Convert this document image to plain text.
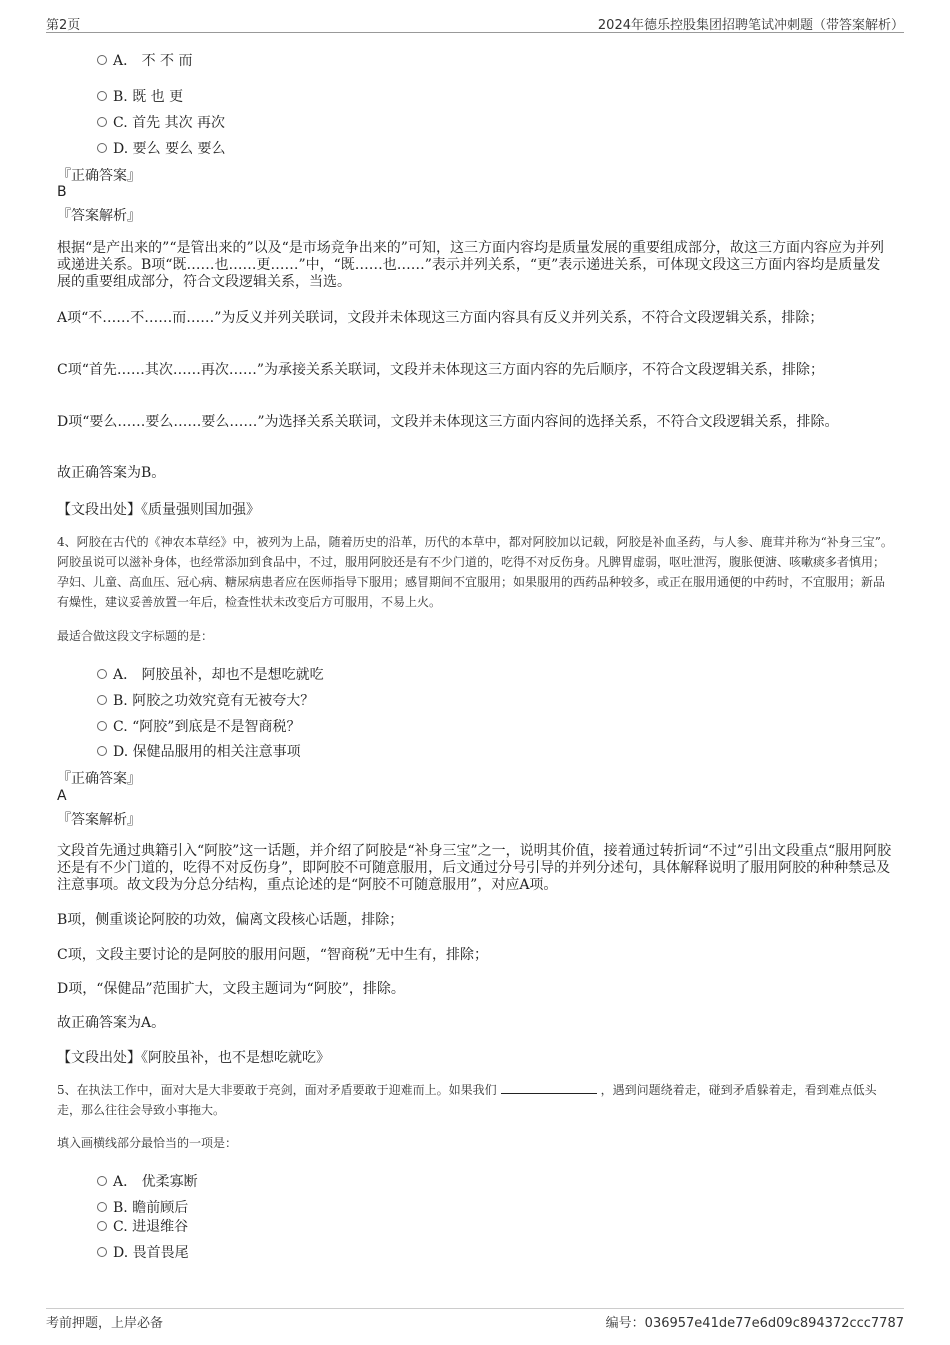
第2页	2024年德乐控股集团招聘笔试冲刺题（带答案解析）
A． 不 不 而
B. 既 也 更
C. 首先 其次 再次
D. 要么 要么 要么
『正确答案』
B
『答案解析』
根据“是产出来的”“是管出来的”以及“是市场竞争出来的”可知，这三方面内容均是质量发展的重要组成部分，故这三方面内容应为并列或递进关系。B项“既……也……更……”中，“既……也……”表示并列关系，“更”表示递进关系，可体现文段这三方面内容均是质量发展的重要组成部分，符合文段逻辑关系，当选。
A项“不……不……而……”为反义并列关联词，文段并未体现这三方面内容具有反义并列关系，不符合文段逻辑关系，排除；
C项“首先……其次……再次……”为承接关系关联词，文段并未体现这三方面内容的先后顺序，不符合文段逻辑关系，排除；
D项“要么……要么……要么……”为选择关系关联词，文段并未体现这三方面内容间的选择关系，不符合文段逻辑关系，排除。
故正确答案为B。
【文段出处】《质量强则国加强》
4、阿胶在古代的《神农本草经》中，被列为上品，随着历史的沿革，历代的本草中，都对阿胶加以记载，阿胶是补血圣药，与人参、鹿茸并称为“补身三宝”。阿胶虽说可以滋补身体，也经常添加到食品中，不过，服用阿胶还是有不少门道的，吃得不对反伤身。凡脾胃虚弱，呕吐泄泻，腹胀便溏、咳嗽痰多者慎用；孕妇、儿童、高血压、冠心病、糖尿病患者应在医师指导下服用；感冒期间不宜服用；如果服用的西药品种较多，或正在服用通便的中药时，不宜服用；新品有燥性，建议妥善放置一年后，检查性状未改变后方可服用，不易上火。
最适合做这段文字标题的是：
A． 阿胶虽补，却也不是想吃就吃
B. 阿胶之功效究竟有无被夸大？
C. “阿胶”到底是不是智商税？
D. 保健品服用的相关注意事项
『正确答案』
A
『答案解析』
文段首先通过典籍引入“阿胶”这一话题，并介绍了阿胶是“补身三宝”之一，说明其价值，接着通过转折词“不过”引出文段重点“服用阿胶还是有不少门道的，吃得不对反伤身”，即阿胶不可随意服用，后文通过分号引导的并列分述句，具体解释说明了服用阿胶的种种禁忌及注意事项。故文段为分总分结构，重点论述的是“阿胶不可随意服用”，对应A项。
B项，侧重谈论阿胶的功效，偏离文段核心话题，排除；
C项，文段主要讨论的是阿胶的服用问题，“智商税”无中生有，排除；
D项，“保健品”范围扩大，文段主题词为“阿胶”，排除。
故正确答案为A。
【文段出处】《阿胶虽补，也不是想吃就吃》
5、在执法工作中，面对大是大非要敢于亮剑，面对矛盾要敢于迎难而上。如果我们	，遇到问题绕着走，碰到矛盾躲着走，看到难点低头走，那么往往会导致小事拖大。
填入画横线部分最恰当的一项是：
A． 优柔寡断
B. 瞻前顾后
C. 进退维谷
D. 畏首畏尾
考前押题，上岸必备	编号：036957e41de77e6d09c894372ccc7787
